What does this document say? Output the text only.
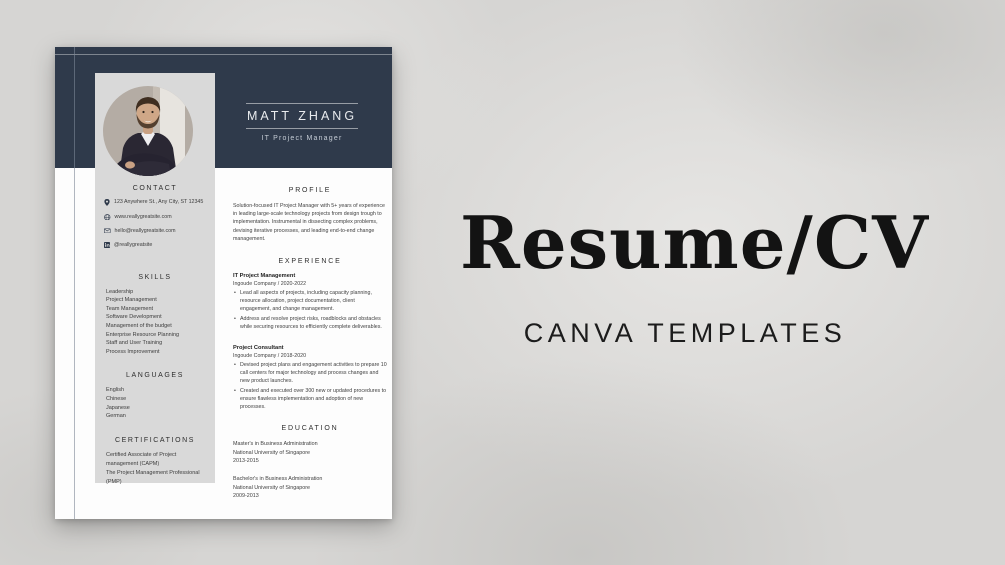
MATT ZHANG
IT Project Manager
CONTACT
123 Anywhere St., Any City, ST 12345
www.reallygreatsite.com
hello@reallygreatsite.com
@reallygreatsite
SKILLS
Leadership
Project Management
Team Management
Software Development
Management of the budget
Enterprise Resource Planning
Staff and User Training
Process Improvement
LANGUAGES
English
Chinese
Japanese
German
CERTIFICATIONS
Certified Associate of Project management (CAPM)
The Project Management Professional (PMP)
PROFILE
Solution-focused IT Project Manager with 5+ years of experience in leading large-scale technology projects from design trough to implementation. Instrumental in dissecting complex problems, devising iterative processes, and leading end-to-end change management.
EXPERIENCE
IT Project Management
Ingoude Company / 2020-2022
• Lead all aspects of projects, including capacity planning, resource allocation, project documentation, client engagement, and change management.
• Address and resolve project risks, roadblocks and obstacles while securing resources to efficiently complete deliverables.
Project Consultant
Ingoude Company / 2018-2020
• Devised project plans and engagement activities to prepare 10 call centers for major technology and process changes and new product launches.
• Created and executed over 300 new or updated procedures to ensure flawless implementation and adoption of new processes.
EDUCATION
Master's in Business Administration
National University of Singapore
2013-2015
Bachelor's in Business Administration
National University of Singapore
2009-2013
Resume/CV
CANVA TEMPLATES
